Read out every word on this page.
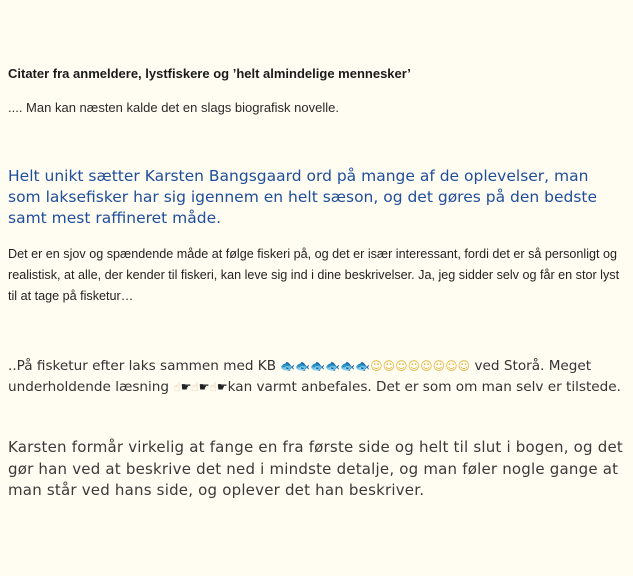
Citater fra anmeldere, lystfiskere og ’helt almindelige mennesker’
.... Man kan næsten kalde det en slags biografisk novelle.

Helt unikt sætter Karsten Bangsgaard ord på mange af de oplevelser, man som laksefisker har sig igennem en helt sæson, og det gøres på den bedste samt mest raffineret måde.

Det er en sjov og spændende måde at følge fiskeri på, og det er især interessant, fordi det er så personligt og realistisk, at alle, der kender til fiskeri, kan leve sig ind i dine beskrivelser. Ja, jeg sidder selv og får en stor lyst til at tage på fisketur…

..På fisketur efter laks sammen med KB 🐟🐟🐟🐟🐟🐟☺☺☺☺☺☺☺☺ ved Storå. Meget underholdende læsning ☝☛☝☛☝☛kan varmt anbefales. Det er som om man selv er tilstede.

Karsten formår virkelig at fange en fra første side og helt til slut i bogen, og det gør han ved at beskrive det ned i mindste detalje, og man føler nogle gange at man står ved hans side, og oplever det han beskriver.
